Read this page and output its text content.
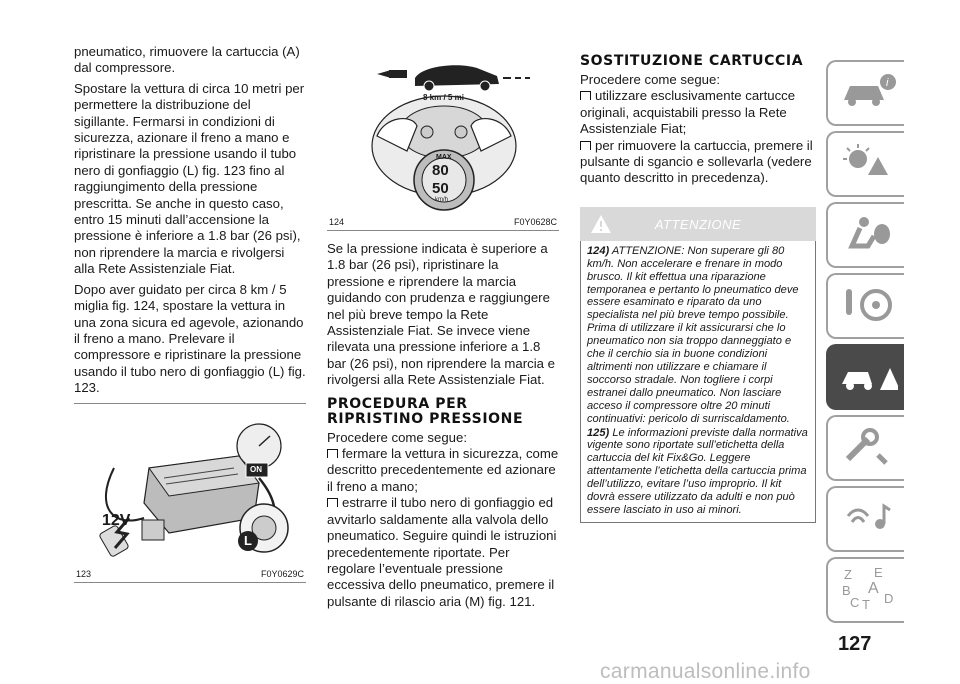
pneumatico, rimuovere la cartuccia (A) dal compressore.

Spostare la vettura di circa 10 metri per permettere la distribuzione del sigillante. Fermarsi in condizioni di sicurezza, azionare il freno a mano e ripristinare la pressione usando il tubo nero di gonfiaggio (L) fig. 123 fino al raggiungimento della pressione prescritta. Se anche in questo caso, entro 15 minuti dall’accensione la pressione è inferiore a 1.8 bar (26 psi), non riprendere la marcia e rivolgersi alla Rete Assistenziale Fiat.

Dopo aver guidato per circa 8 km / 5 miglia fig. 124, spostare la vettura in una zona sicura ed agevole, azionando il freno a mano. Prelevare il compressore e ripristinare la pressione usando il tubo nero di gonfiaggio (L) fig. 123.

12V
ON
L
123	F0Y0629C
8 km / 5 mi
MAX
80
50
km/h
124	F0Y0628C

Se la pressione indicata è superiore a 1.8 bar (26 psi), ripristinare la pressione e riprendere la marcia guidando con prudenza e raggiungere nel più breve tempo la Rete Assistenziale Fiat. Se invece viene rilevata una pressione inferiore a 1.8 bar (26 psi), non riprendere la marcia e rivolgersi alla Rete Assistenziale Fiat.

PROCEDURA PER RIPRISTINO PRESSIONE

Procedere come segue:

fermare la vettura in sicurezza, come descritto precedentemente ed azionare il freno a mano;

estrarre il tubo nero di gonfiaggio ed avvitarlo saldamente alla valvola dello pneumatico. Seguire quindi le istruzioni precedentemente riportate. Per regolare l’eventuale pressione eccessiva dello pneumatico, premere il pulsante di rilascio aria (M) fig. 121.

SOSTITUZIONE CARTUCCIA

Procedere come segue:

utilizzare esclusivamente cartucce originali, acquistabili presso la Rete Assistenziale Fiat;

per rimuovere la cartuccia, premere il pulsante di sgancio e sollevarla (vedere quanto descritto in precedenza).

ATTENZIONE

124) ATTENZIONE: Non superare gli 80 km/h. Non accelerare e frenare in modo brusco. Il kit effettua una riparazione temporanea e pertanto lo pneumatico deve essere esaminato e riparato da uno specialista nel più breve tempo possibile. Prima di utilizzare il kit assicurarsi che lo pneumatico non sia troppo danneggiato e che il cerchio sia in buone condizioni altrimenti non utilizzare e chiamare il soccorso stradale. Non togliere i corpi estranei dallo pneumatico. Non lasciare acceso il compressore oltre 20 minuti continuativi: pericolo di surriscaldamento.

125) Le informazioni previste dalla normativa vigente sono riportate sull’etichetta della cartuccia del kit Fix&Go. Leggere attentamente l’etichetta della cartuccia prima dell’utilizzo, evitare l’uso improprio. Il kit dovrà essere utilizzato da adulti e non può essere lasciato in uso ai minori.

i
Z E
B A
C T D
127
carmanualsonline.info
